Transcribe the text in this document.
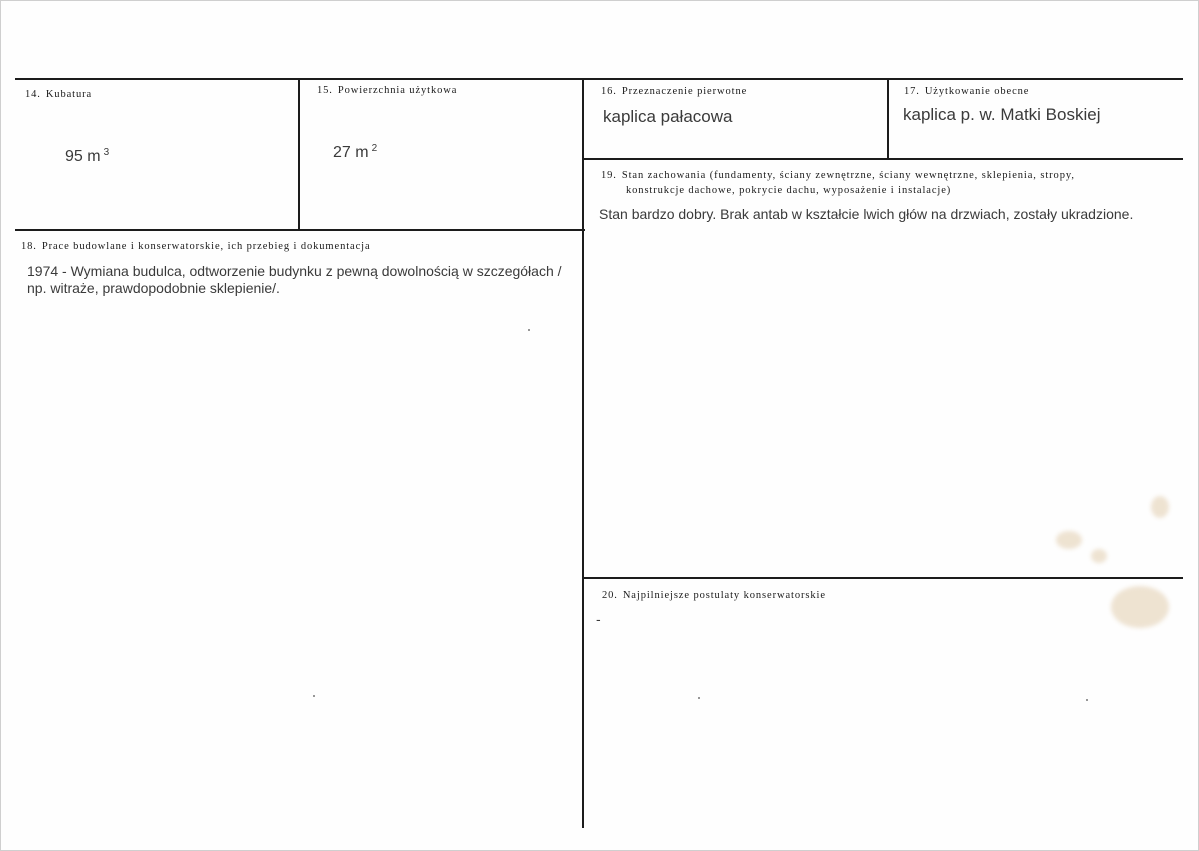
14. Kubatura
95 m $^3$
15. Powierzchnia użytkowa
27 m $^2$
16. Przeznaczenie pierwotne
kaplica pałacowa
17. Użytkowanie obecne
kaplica p. w. Matki Boskiej
18. Prace budowlane i konserwatorskie, ich przebieg i dokumentacja
1974 - Wymiana budulca, odtworzenie budynku z pewną dowolnością w szczegółach /
np. witraże, prawdopodobnie sklepienie/.
19. Stan zachowania (fundamenty, ściany zewnętrzne, ściany wewnętrzne, sklepienia, stropy,
konstrukcje dachowe, pokrycie dachu, wyposażenie i instalacje)
Stan bardzo dobry. Brak antab w kształcie lwich głów na drzwiach, zostały ukradzione.
20. Najpilniejsze postulaty konserwatorskie
-
